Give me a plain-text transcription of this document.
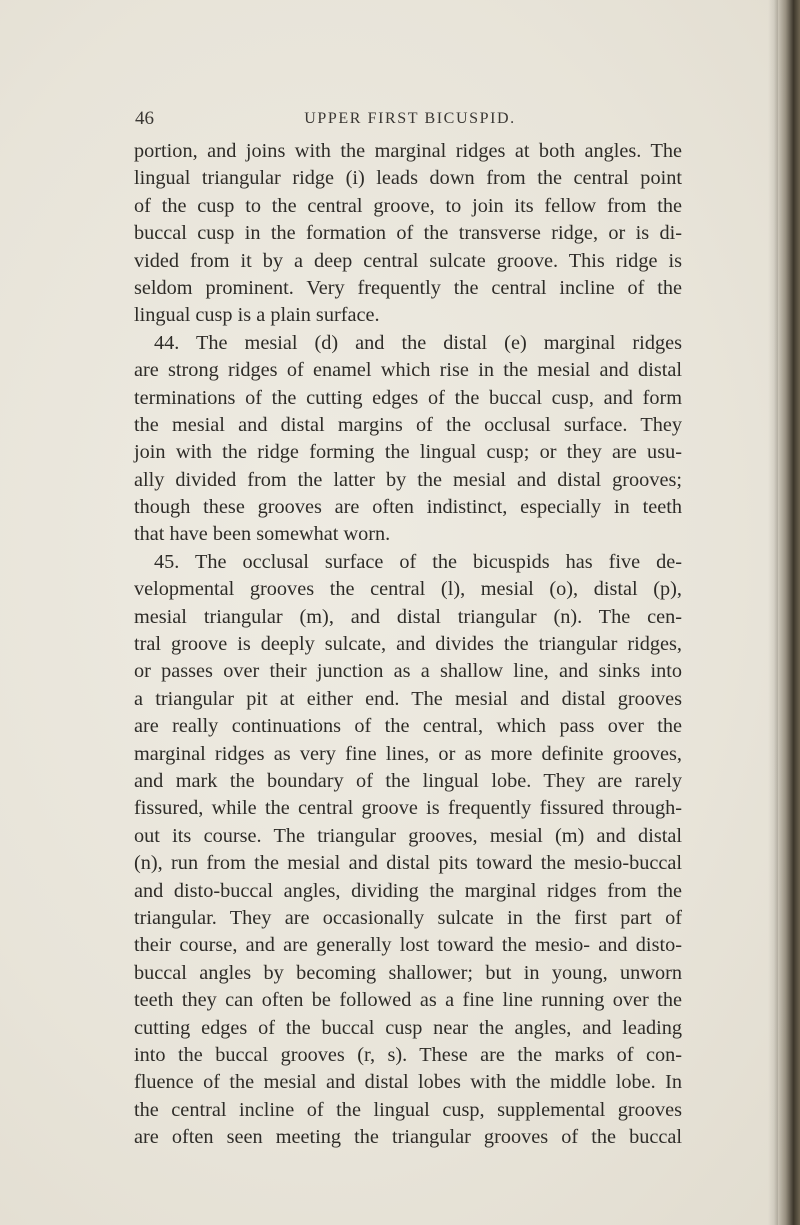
46	UPPER FIRST BICUSPID.
portion, and joins with the marginal ridges at both angles. The
lingual triangular ridge (i) leads down from the central point
of the cusp to the central groove, to join its fellow from the
buccal cusp in the formation of the transverse ridge, or is di-
vided from it by a deep central sulcate groove. This ridge is
seldom prominent. Very frequently the central incline of the
lingual cusp is a plain surface.
44. The mesial (d) and the distal (e) marginal ridges
are strong ridges of enamel which rise in the mesial and distal
terminations of the cutting edges of the buccal cusp, and form
the mesial and distal margins of the occlusal surface. They
join with the ridge forming the lingual cusp; or they are usu-
ally divided from the latter by the mesial and distal grooves;
though these grooves are often indistinct, especially in teeth
that have been somewhat worn.
45. The occlusal surface of the bicuspids has five de-
velopmental grooves the central (l), mesial (o), distal (p),
mesial triangular (m), and distal triangular (n). The cen-
tral groove is deeply sulcate, and divides the triangular ridges,
or passes over their junction as a shallow line, and sinks into
a triangular pit at either end. The mesial and distal grooves
are really continuations of the central, which pass over the
marginal ridges as very fine lines, or as more definite grooves,
and mark the boundary of the lingual lobe. They are rarely
fissured, while the central groove is frequently fissured through-
out its course. The triangular grooves, mesial (m) and distal
(n), run from the mesial and distal pits toward the mesio-buccal
and disto-buccal angles, dividing the marginal ridges from the
triangular. They are occasionally sulcate in the first part of
their course, and are generally lost toward the mesio- and disto-
buccal angles by becoming shallower; but in young, unworn
teeth they can often be followed as a fine line running over the
cutting edges of the buccal cusp near the angles, and leading
into the buccal grooves (r, s). These are the marks of con-
fluence of the mesial and distal lobes with the middle lobe. In
the central incline of the lingual cusp, supplemental grooves
are often seen meeting the triangular grooves of the buccal
